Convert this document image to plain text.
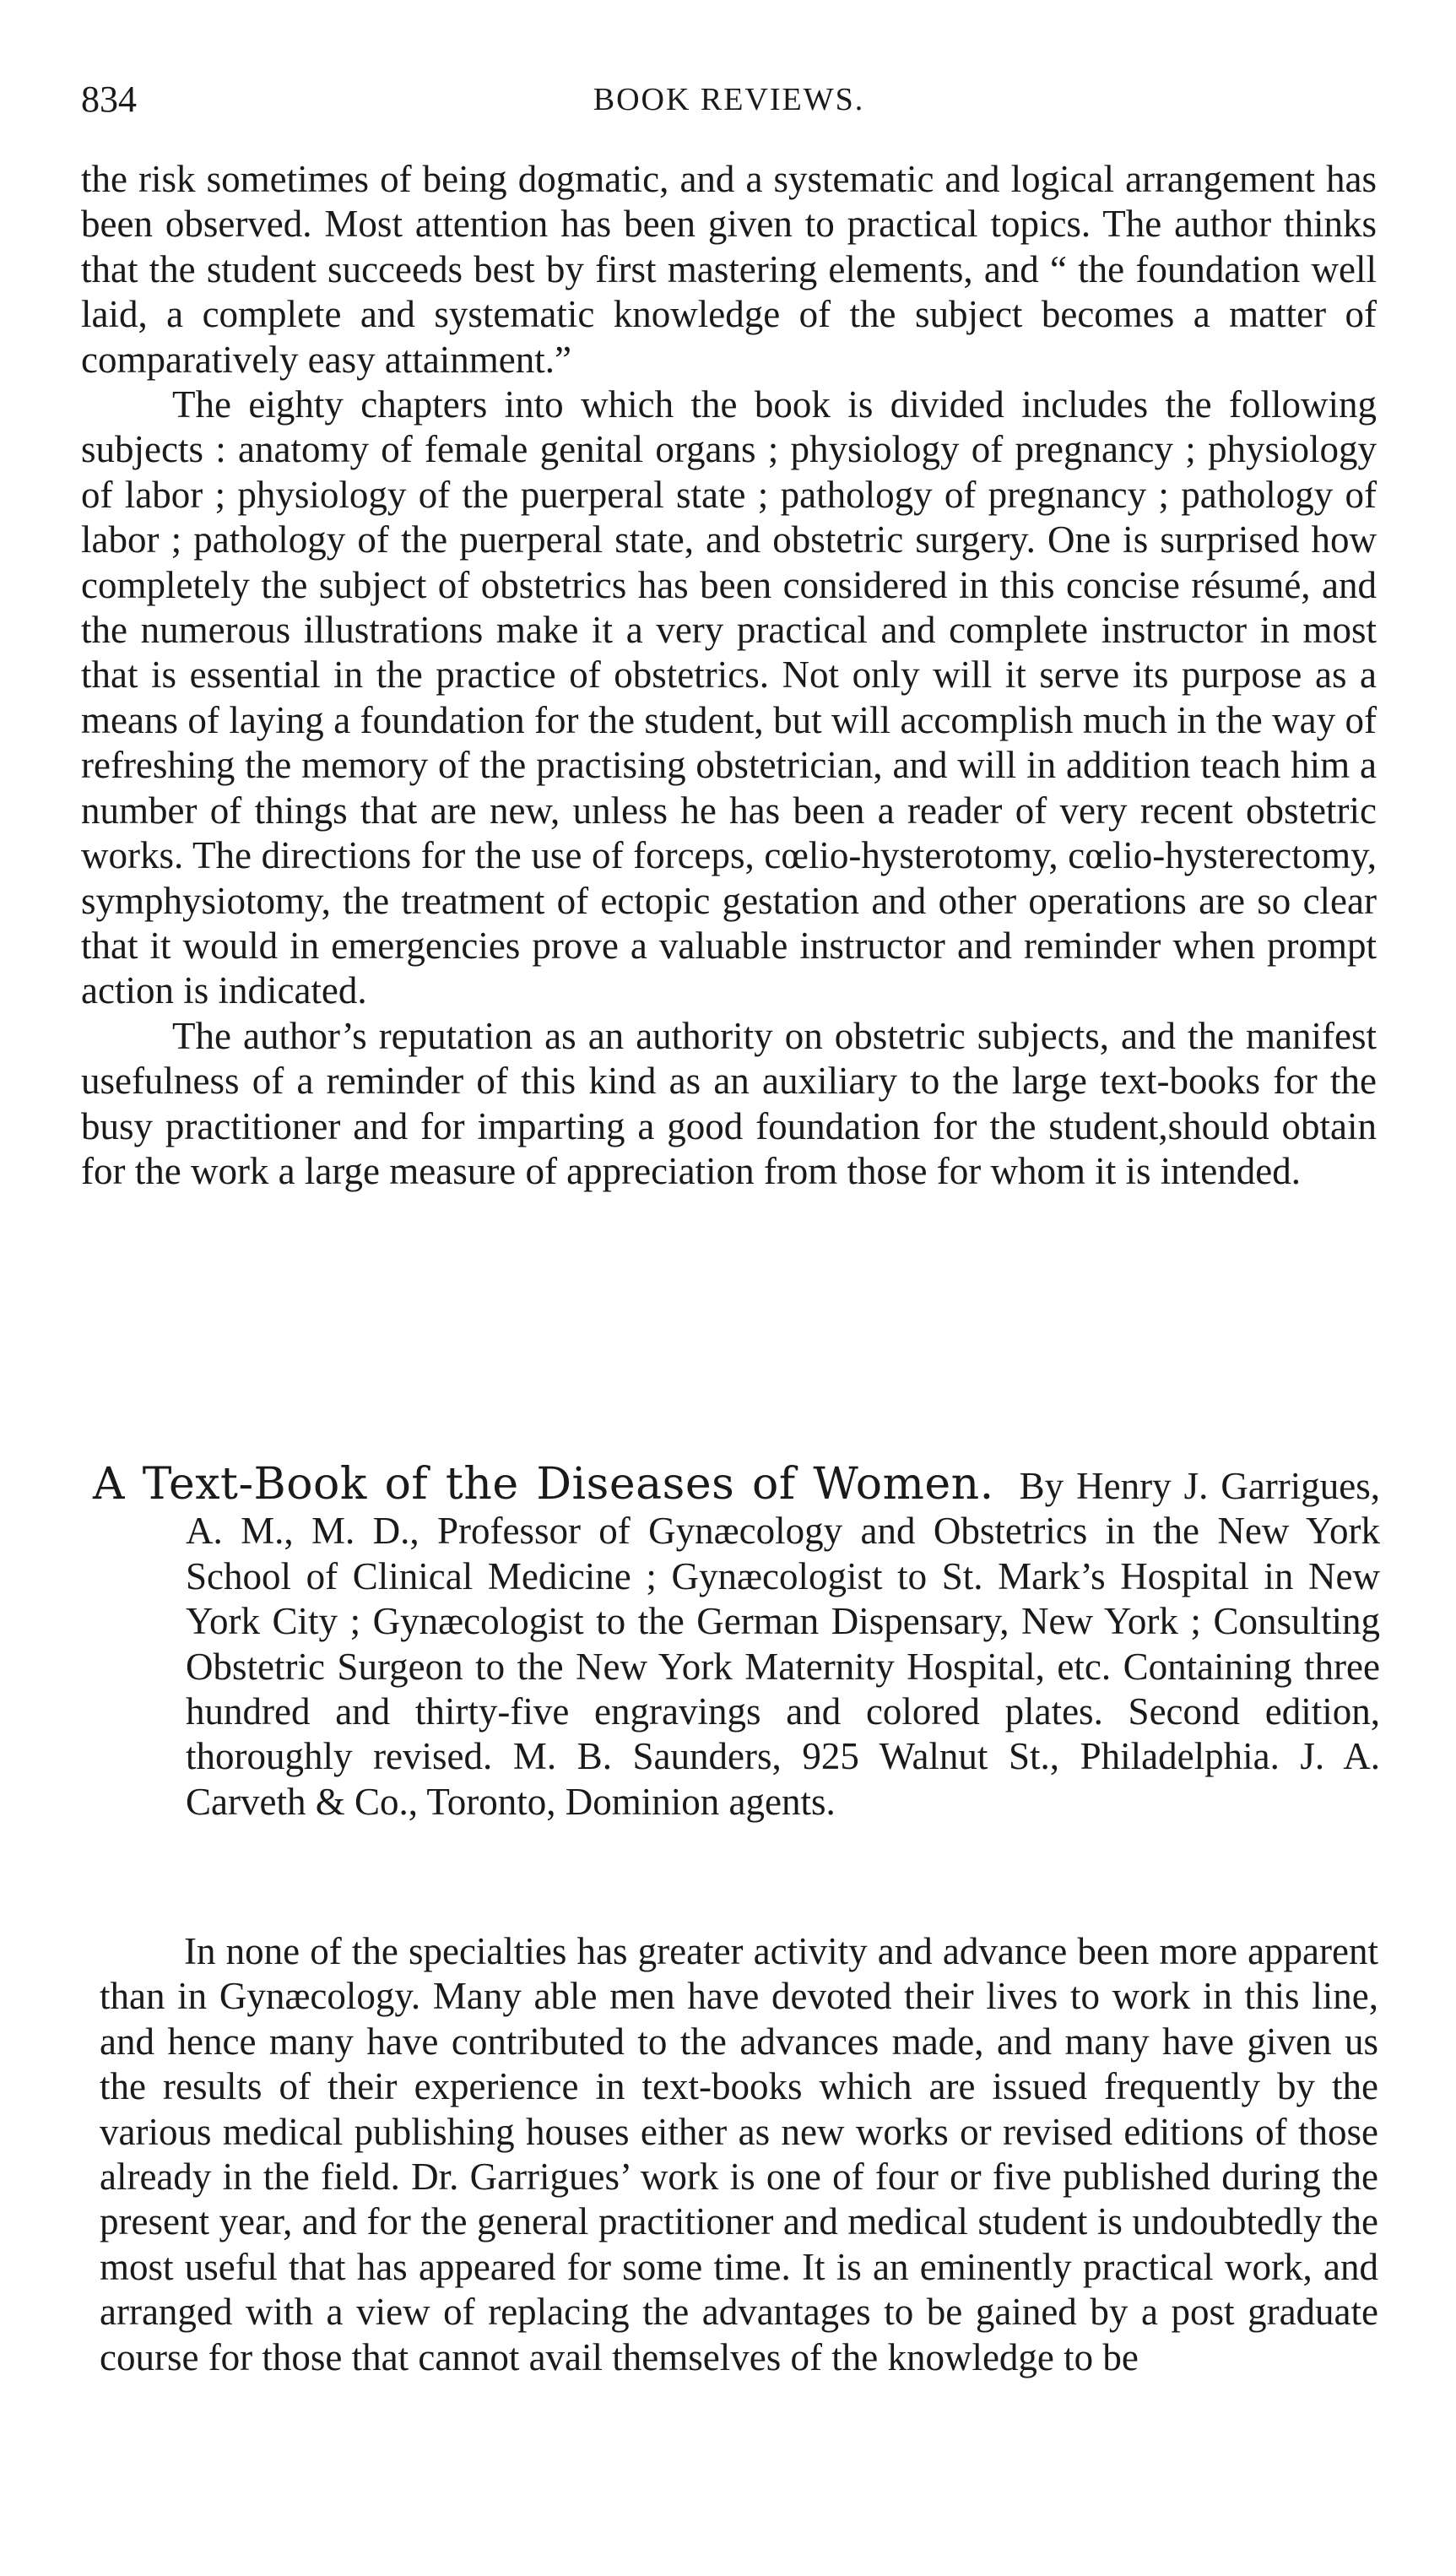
834	BOOK REVIEWS.

the risk sometimes of being dogmatic, and a systematic and logical arrangement has been observed. Most attention has been given to practical topics. The author thinks that the student succeeds best by first mastering elements, and “ the foundation well laid, a complete and systematic knowledge of the subject becomes a matter of comparatively easy attainment.”

The eighty chapters into which the book is divided includes the following subjects : anatomy of female genital organs ; physiology of pregnancy ; physiology of labor ; physiology of the puerperal state ; pathology of pregnancy ; pathology of labor ; pathology of the puerperal state, and obstetric surgery. One is surprised how completely the subject of obstetrics has been considered in this concise résumé, and the numerous illustrations make it a very practical and complete instructor in most that is essential in the practice of obstetrics. Not only will it serve its purpose as a means of laying a foundation for the student, but will accomplish much in the way of refreshing the memory of the practising obstetrician, and will in addition teach him a number of things that are new, unless he has been a reader of very recent obstetric works. The directions for the use of forceps, cœlio-hysterotomy, cœlio-hysterectomy, symphysiotomy, the treatment of ectopic gestation and other operations are so clear that it would in emergencies prove a valuable instructor and reminder when prompt action is indicated.

The author’s reputation as an authority on obstetric subjects, and the manifest usefulness of a reminder of this kind as an auxiliary to the large text-books for the busy practitioner and for imparting a good foundation for the student,should obtain for the work a large measure of appreciation from those for whom it is intended.

A Text-Book of the Diseases of Women. By Henry J. Garrigues, A. M., M. D., Professor of Gynæcology and Obstetrics in the New York School of Clinical Medicine ; Gynæcologist to St. Mark’s Hospital in New York City ; Gynæcologist to the German Dispensary, New York ; Consulting Obstetric Surgeon to the New York Maternity Hospital, etc. Containing three hundred and thirty-five engravings and colored plates. Second edition, thoroughly revised. M. B. Saunders, 925 Walnut St., Philadelphia. J. A. Carveth & Co., Toronto, Dominion agents.

In none of the specialties has greater activity and advance been more apparent than in Gynæcology. Many able men have devoted their lives to work in this line, and hence many have contributed to the advances made, and many have given us the results of their experience in text-books which are issued frequently by the various medical publishing houses either as new works or revised editions of those already in the field. Dr. Garrigues’ work is one of four or five published during the present year, and for the general practitioner and medical student is undoubtedly the most useful that has appeared for some time. It is an eminently practical work, and arranged with a view of replacing the advantages to be gained by a post graduate course for those that cannot avail themselves of the knowledge to be
